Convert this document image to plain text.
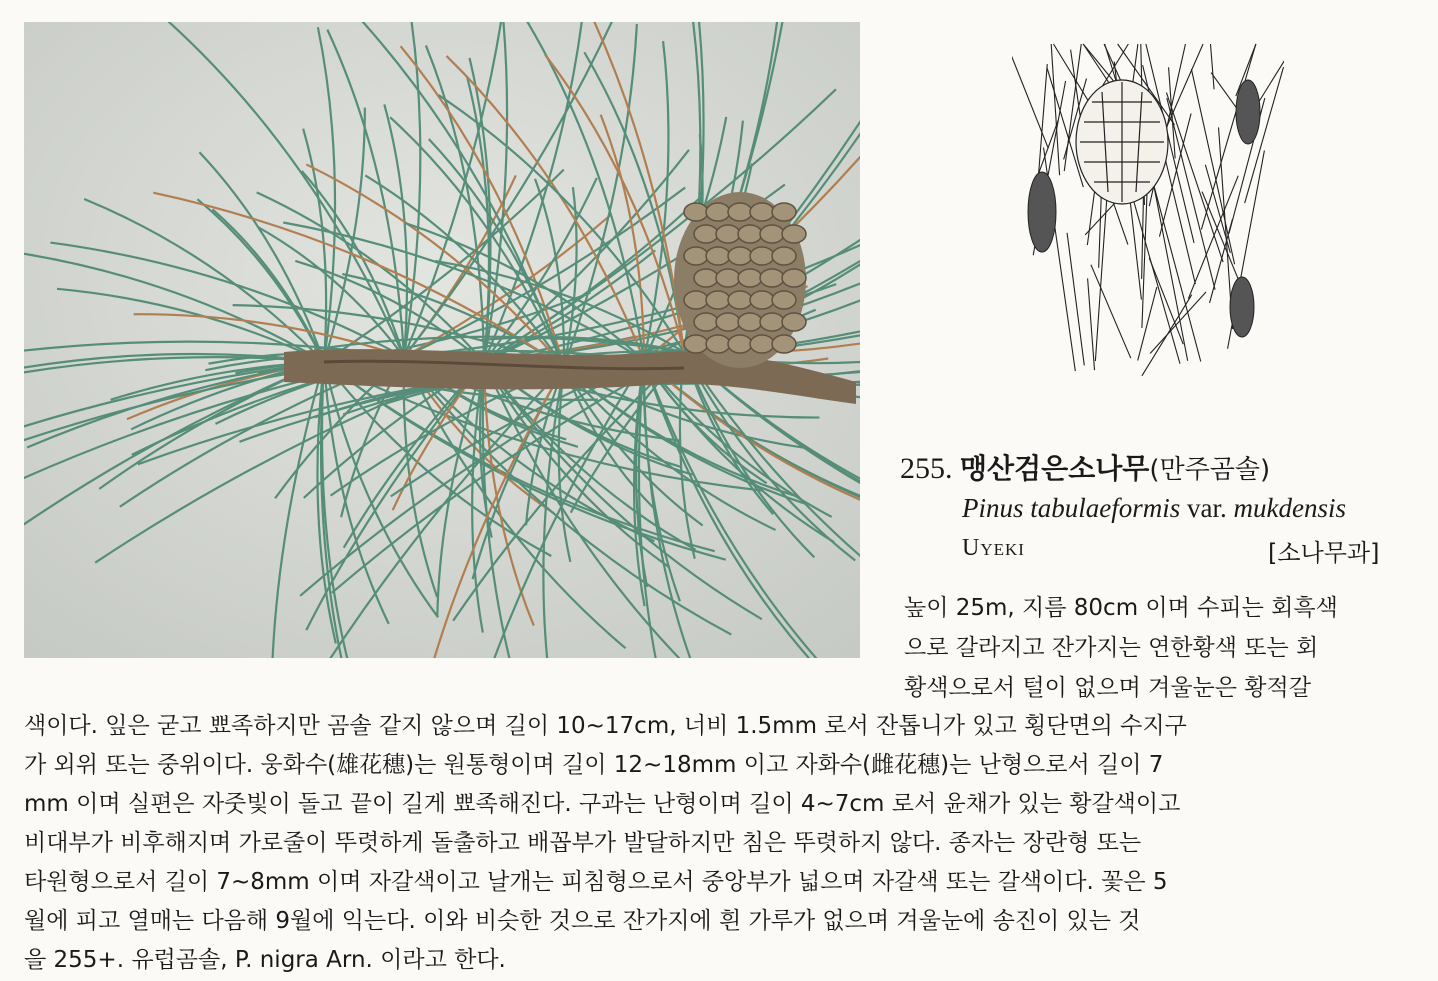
255. 맹산검은소나무(만주곰솔)
Pinus tabulaeformis var. mukdensis
Uyeki	[소나무과]
높이 25m, 지름 80cm 이며 수피는 회흑색
으로 갈라지고 잔가지는 연한황색 또는 회
황색으로서 털이 없으며 겨울눈은 황적갈
색이다. 잎은 굳고 뾰족하지만 곰솔 같지 않으며 길이 10~17cm, 너비 1.5mm 로서 잔톱니가 있고 횡단면의 수지구
가 외위 또는 중위이다. 웅화수(雄花穗)는 원통형이며 길이 12~18mm 이고 자화수(雌花穗)는 난형으로서 길이 7
mm 이며 실편은 자줏빛이 돌고 끝이 길게 뾰족해진다. 구과는 난형이며 길이 4~7cm 로서 윤채가 있는 황갈색이고
비대부가 비후해지며 가로줄이 뚜렷하게 돌출하고 배꼽부가 발달하지만 침은 뚜렷하지 않다. 종자는 장란형 또는
타원형으로서 길이 7~8mm 이며 자갈색이고 날개는 피침형으로서 중앙부가 넓으며 자갈색 또는 갈색이다. 꽃은 5
월에 피고 열매는 다음해 9월에 익는다. 이와 비슷한 것으로 잔가지에 흰 가루가 없으며 겨울눈에 송진이 있는 것
을 255+. 유럽곰솔, P. nigra Arn. 이라고 한다.
